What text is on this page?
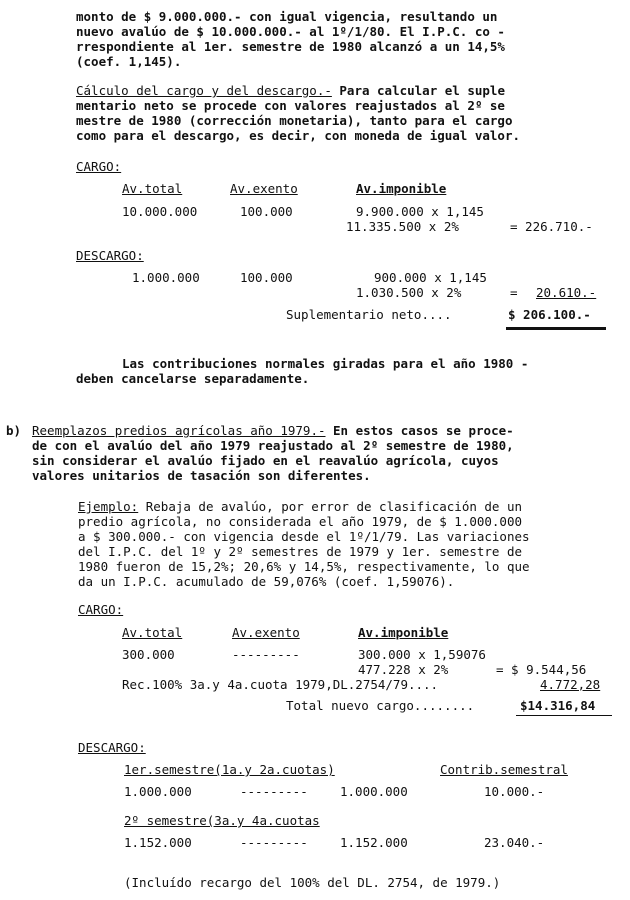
monto de $ 9.000.000.- con igual vigencia, resultando un
nuevo avalúo de $ 10.000.000.- al 1º/1/80. El I.P.C. co -
rrespondiente al 1er. semestre de 1980 alcanzó a un 14,5%
(coef. 1,145).
Cálculo del cargo y del descargo.- Para calcular el suple
mentario neto se procede con valores reajustados al 2º se
mestre de 1980 (corrección monetaria), tanto para el cargo
como para el descargo, es decir, con moneda de igual valor.
CARGO:
Av.total	Av.exento	Av.imponible
10.000.000	100.000	9.900.000 x 1,145
11.335.500 x 2%	= 226.710.-
DESCARGO:
1.000.000	100.000	900.000 x 1,145
1.030.500 x 2%	= 20.610.-
Suplementario neto....	$ 206.100.-
Las contribuciones normales giradas para el año 1980 -
deben cancelarse separadamente.
b) Reemplazos predios agrícolas año 1979.- En estos casos se proce-
de con el avalúo del año 1979 reajustado al 2º semestre de 1980,
sin considerar el avalúo fijado en el reavalúo agrícola, cuyos
valores unitarios de tasación son diferentes.
Ejemplo: Rebaja de avalúo, por error de clasificación de un
predio agrícola, no considerada el año 1979, de $ 1.000.000
a $ 300.000.- con vigencia desde el 1º/1/79. Las variaciones
del I.P.C. del 1º y 2º semestres de 1979 y 1er. semestre de
1980 fueron de 15,2%; 20,6% y 14,5%, respectivamente, lo que
da un I.P.C. acumulado de 59,076% (coef. 1,59076).
CARGO:
Av.total	Av.exento	Av.imponible
300.000	---------	300.000 x 1,59076
477.228 x 2%	= $ 9.544,56
Rec.100% 3a.y 4a.cuota 1979,DL.2754/79....	4.772,28
Total nuevo cargo........	$14.316,84
DESCARGO:
1er.semestre(1a.y 2a.cuotas)	Contrib.semestral
1.000.000	---------	1.000.000	10.000.-
2º semestre(3a.y 4a.cuotas
1.152.000	---------	1.152.000	23.040.-
(Incluído recargo del 100% del DL. 2754, de 1979.)
